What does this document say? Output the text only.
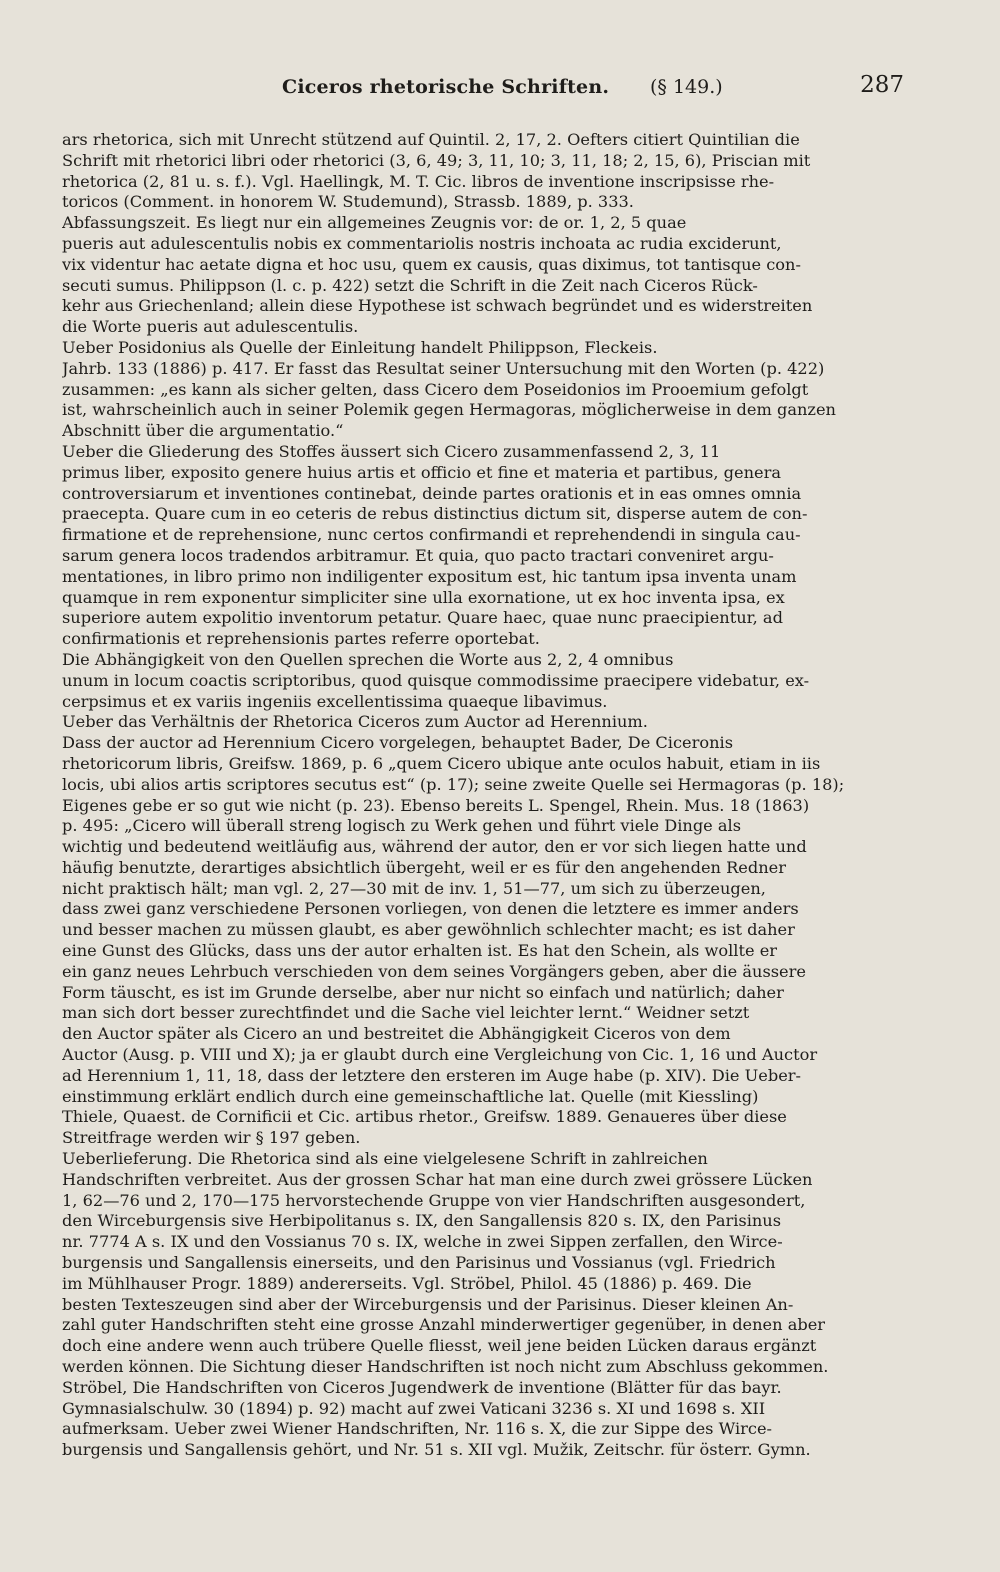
Ciceros rhetorische Schriften. (§ 149.)	287
ars rhetorica, sich mit Unrecht stützend auf Quintil. 2, 17, 2. Oefters citiert Quintilian die
Schrift mit rhetorici libri oder rhetorici (3, 6, 49; 3, 11, 10; 3, 11, 18; 2, 15, 6), Priscian mit
rhetorica (2, 81 u. s. f.). Vgl. Haellingk, M. T. Cic. libros de inventione inscripsisse rhe-
toricos (Comment. in honorem W. Studemund), Strassb. 1889, p. 333.
Abfassungszeit. Es liegt nur ein allgemeines Zeugnis vor: de or. 1, 2, 5 quae
pueris aut adulescentulis nobis ex commentariolis nostris inchoata ac rudia exciderunt,
vix videntur hac aetate digna et hoc usu, quem ex causis, quas diximus, tot tantisque con-
secuti sumus. Philippson (l. c. p. 422) setzt die Schrift in die Zeit nach Ciceros Rück-
kehr aus Griechenland; allein diese Hypothese ist schwach begründet und es widerstreiten
die Worte pueris aut adulescentulis.
Ueber Posidonius als Quelle der Einleitung handelt Philippson, Fleckeis.
Jahrb. 133 (1886) p. 417. Er fasst das Resultat seiner Untersuchung mit den Worten (p. 422)
zusammen: „es kann als sicher gelten, dass Cicero dem Poseidonios im Prooemium gefolgt
ist, wahrscheinlich auch in seiner Polemik gegen Hermagoras, möglicherweise in dem ganzen
Abschnitt über die argumentatio.“
Ueber die Gliederung des Stoffes äussert sich Cicero zusammenfassend 2, 3, 11
primus liber, exposito genere huius artis et officio et fine et materia et partibus, genera
controversiarum et inventiones continebat, deinde partes orationis et in eas omnes omnia
praecepta. Quare cum in eo ceteris de rebus distinctius dictum sit, disperse autem de con-
firmatione et de reprehensione, nunc certos confirmandi et reprehendendi in singula cau-
sarum genera locos tradendos arbitramur. Et quia, quo pacto tractari conveniret argu-
mentationes, in libro primo non indiligenter expositum est, hic tantum ipsa inventa unam
quamque in rem exponentur simpliciter sine ulla exornatione, ut ex hoc inventa ipsa, ex
superiore autem expolitio inventorum petatur. Quare haec, quae nunc praecipientur, ad
confirmationis et reprehensionis partes referre oportebat.
Die Abhängigkeit von den Quellen sprechen die Worte aus 2, 2, 4 omnibus
unum in locum coactis scriptoribus, quod quisque commodissime praecipere videbatur, ex-
cerpsimus et ex variis ingeniis excellentissima quaeque libavimus.
Ueber das Verhältnis der Rhetorica Ciceros zum Auctor ad Herennium.
Dass der auctor ad Herennium Cicero vorgelegen, behauptet Bader, De Ciceronis
rhetoricorum libris, Greifsw. 1869, p. 6 „quem Cicero ubique ante oculos habuit, etiam in iis
locis, ubi alios artis scriptores secutus est“ (p. 17); seine zweite Quelle sei Hermagoras (p. 18);
Eigenes gebe er so gut wie nicht (p. 23). Ebenso bereits L. Spengel, Rhein. Mus. 18 (1863)
p. 495: „Cicero will überall streng logisch zu Werk gehen und führt viele Dinge als
wichtig und bedeutend weitläufig aus, während der autor, den er vor sich liegen hatte und
häufig benutzte, derartiges absichtlich übergeht, weil er es für den angehenden Redner
nicht praktisch hält; man vgl. 2, 27—30 mit de inv. 1, 51—77, um sich zu überzeugen,
dass zwei ganz verschiedene Personen vorliegen, von denen die letztere es immer anders
und besser machen zu müssen glaubt, es aber gewöhnlich schlechter macht; es ist daher
eine Gunst des Glücks, dass uns der autor erhalten ist. Es hat den Schein, als wollte er
ein ganz neues Lehrbuch verschieden von dem seines Vorgängers geben, aber die äussere
Form täuscht, es ist im Grunde derselbe, aber nur nicht so einfach und natürlich; daher
man sich dort besser zurechtfindet und die Sache viel leichter lernt.“ Weidner setzt
den Auctor später als Cicero an und bestreitet die Abhängigkeit Ciceros von dem
Auctor (Ausg. p. VIII und X); ja er glaubt durch eine Vergleichung von Cic. 1, 16 und Auctor
ad Herennium 1, 11, 18, dass der letztere den ersteren im Auge habe (p. XIV). Die Ueber-
einstimmung erklärt endlich durch eine gemeinschaftliche lat. Quelle (mit Kiessling)
Thiele, Quaest. de Cornificii et Cic. artibus rhetor., Greifsw. 1889. Genaueres über diese
Streitfrage werden wir § 197 geben.
Ueberlieferung. Die Rhetorica sind als eine vielgelesene Schrift in zahlreichen
Handschriften verbreitet. Aus der grossen Schar hat man eine durch zwei grössere Lücken
1, 62—76 und 2, 170—175 hervorstechende Gruppe von vier Handschriften ausgesondert,
den Wirceburgensis sive Herbipolitanus s. IX, den Sangallensis 820 s. IX, den Parisinus
nr. 7774 A s. IX und den Vossianus 70 s. IX, welche in zwei Sippen zerfallen, den Wirce-
burgensis und Sangallensis einerseits, und den Parisinus und Vossianus (vgl. Friedrich
im Mühlhauser Progr. 1889) andererseits. Vgl. Ströbel, Philol. 45 (1886) p. 469. Die
besten Texteszeugen sind aber der Wirceburgensis und der Parisinus. Dieser kleinen An-
zahl guter Handschriften steht eine grosse Anzahl minderwertiger gegenüber, in denen aber
doch eine andere wenn auch trübere Quelle fliesst, weil jene beiden Lücken daraus ergänzt
werden können. Die Sichtung dieser Handschriften ist noch nicht zum Abschluss gekommen.
Ströbel, Die Handschriften von Ciceros Jugendwerk de inventione (Blätter für das bayr.
Gymnasialschulw. 30 (1894) p. 92) macht auf zwei Vaticani 3236 s. XI und 1698 s. XII
aufmerksam. Ueber zwei Wiener Handschriften, Nr. 116 s. X, die zur Sippe des Wirce-
burgensis und Sangallensis gehört, und Nr. 51 s. XII vgl. Mužik, Zeitschr. für österr. Gymn.
